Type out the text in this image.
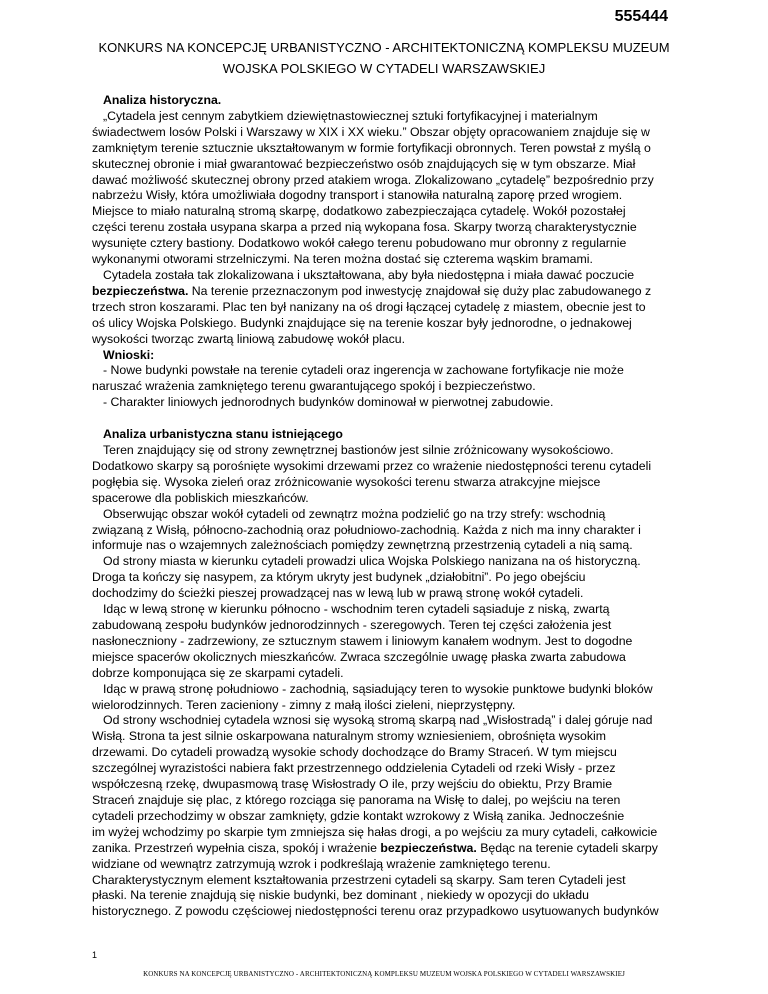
555444
KONKURS NA KONCEPCJĘ URBANISTYCZNO - ARCHITEKTONICZNĄ KOMPLEKSU MUZEUM
WOJSKA POLSKIEGO W CYTADELI WARSZAWSKIEJ

Analiza historyczna.

„Cytadela jest cennym zabytkiem dziewiętnastowiecznej sztuki fortyfikacyjnej i materialnym

świadectwem losów Polski i Warszawy w XIX i XX wieku.” Obszar objęty opracowaniem znajduje się w

zamkniętym terenie sztucznie ukształtowanym w formie fortyfikacji obronnych. Teren powstał z myślą o

skutecznej obronie i miał gwarantować bezpieczeństwo osób znajdujących się w tym obszarze. Miał

dawać możliwość skutecznej obrony przed atakiem wroga. Zlokalizowano „cytadelę” bezpośrednio przy

nabrzeżu Wisły, która umożliwiała dogodny transport i stanowiła naturalną zaporę przed wrogiem.

Miejsce to miało naturalną stromą skarpę, dodatkowo zabezpieczająca cytadelę. Wokół pozostałej

części terenu została usypana skarpa a przed nią wykopana fosa. Skarpy tworzą charakterystycznie

wysunięte cztery bastiony. Dodatkowo wokół całego terenu pobudowano mur obronny z regularnie

wykonanymi otworami strzelniczymi. Na teren można dostać się czterema wąskim bramami.

Cytadela została tak zlokalizowana i ukształtowana, aby była niedostępna i miała dawać poczucie

bezpieczeństwa. Na terenie przeznaczonym pod inwestycję znajdował się duży plac zabudowanego z

trzech stron koszarami. Plac ten był nanizany na oś drogi łączącej cytadelę z miastem, obecnie jest to

oś ulicy Wojska Polskiego. Budynki znajdujące się na terenie koszar były jednorodne, o jednakowej

wysokości tworząc zwartą liniową zabudowę wokół placu.

Wnioski:

- Nowe budynki powstałe na terenie cytadeli oraz ingerencja w zachowane fortyfikacje nie może

naruszać wrażenia zamkniętego terenu gwarantującego spokój i bezpieczeństwo.

- Charakter liniowych jednorodnych budynków dominował w pierwotnej zabudowie.

Analiza urbanistyczna stanu istniejącego

Teren znajdujący się od strony zewnętrznej bastionów jest silnie zróżnicowany wysokościowo.

Dodatkowo skarpy są porośnięte wysokimi drzewami przez co wrażenie niedostępności terenu cytadeli

pogłębia się. Wysoka zieleń oraz zróżnicowanie wysokości terenu stwarza atrakcyjne miejsce

spacerowe dla pobliskich mieszkańców.

Obserwując obszar wokół cytadeli od zewnątrz można podzielić go na trzy strefy: wschodnią

związaną z Wisłą, północno-zachodnią oraz południowo-zachodnią. Każda z nich ma inny charakter i

informuje nas o wzajemnych zależnościach pomiędzy zewnętrzną przestrzenią cytadeli a nią samą.

Od strony miasta w kierunku cytadeli prowadzi ulica Wojska Polskiego nanizana na oś historyczną.

Droga ta kończy się nasypem, za którym ukryty jest budynek „działobitni”. Po jego obejściu

dochodzimy do ścieżki pieszej prowadzącej nas w lewą lub w prawą stronę wokół cytadeli.

Idąc w lewą stronę w kierunku północno - wschodnim teren cytadeli sąsiaduje z niską, zwartą

zabudowaną zespołu budynków jednorodzinnych - szeregowych. Teren tej części założenia jest

nasłoneczniony - zadrzewiony, ze sztucznym stawem i liniowym kanałem wodnym. Jest to dogodne

miejsce spacerów okolicznych mieszkańców. Zwraca szczególnie uwagę płaska zwarta zabudowa

dobrze komponująca się ze skarpami cytadeli.

Idąc w prawą stronę południowo - zachodnią, sąsiadujący teren to wysokie punktowe budynki bloków

wielorodzinnych. Teren zacieniony - zimny z małą ilości zieleni, nieprzystępny.

Od strony wschodniej cytadela wznosi się wysoką stromą skarpą nad „Wisłostradą” i dalej góruje nad

Wisłą. Strona ta jest silnie oskarpowana naturalnym stromy wzniesieniem, obrośnięta wysokim

drzewami. Do cytadeli prowadzą wysokie schody dochodzące do Bramy Straceń. W tym miejscu

szczególnej wyrazistości nabiera fakt przestrzennego oddzielenia Cytadeli od rzeki Wisły - przez

współczesną rzekę, dwupasmową trasę Wisłostrady O ile, przy wejściu do obiektu, Przy Bramie

Straceń znajduje się plac, z którego rozciąga się panorama na Wisłę to dalej, po wejściu na teren

cytadeli przechodzimy w obszar zamknięty, gdzie kontakt wzrokowy z Wisłą zanika. Jednocześnie

im wyżej wchodzimy po skarpie tym zmniejsza się hałas drogi, a po wejściu za mury cytadeli, całkowicie

zanika. Przestrzeń wypełnia cisza, spokój i wrażenie bezpieczeństwa. Będąc na terenie cytadeli skarpy

widziane od wewnątrz zatrzymują wzrok i podkreślają wrażenie zamkniętego terenu.

Charakterystycznym element kształtowania przestrzeni cytadeli są skarpy. Sam teren Cytadeli jest

płaski. Na terenie znajdują się niskie budynki, bez dominant , niekiedy w opozycji do układu

historycznego. Z powodu częściowej niedostępności terenu oraz przypadkowo usytuowanych budynków

1
KONKURS NA KONCEPCJĘ URBANISTYCZNO - ARCHITEKTONICZNĄ KOMPLEKSU MUZEUM WOJSKA POLSKIEGO W CYTADELI WARSZAWSKIEJ
